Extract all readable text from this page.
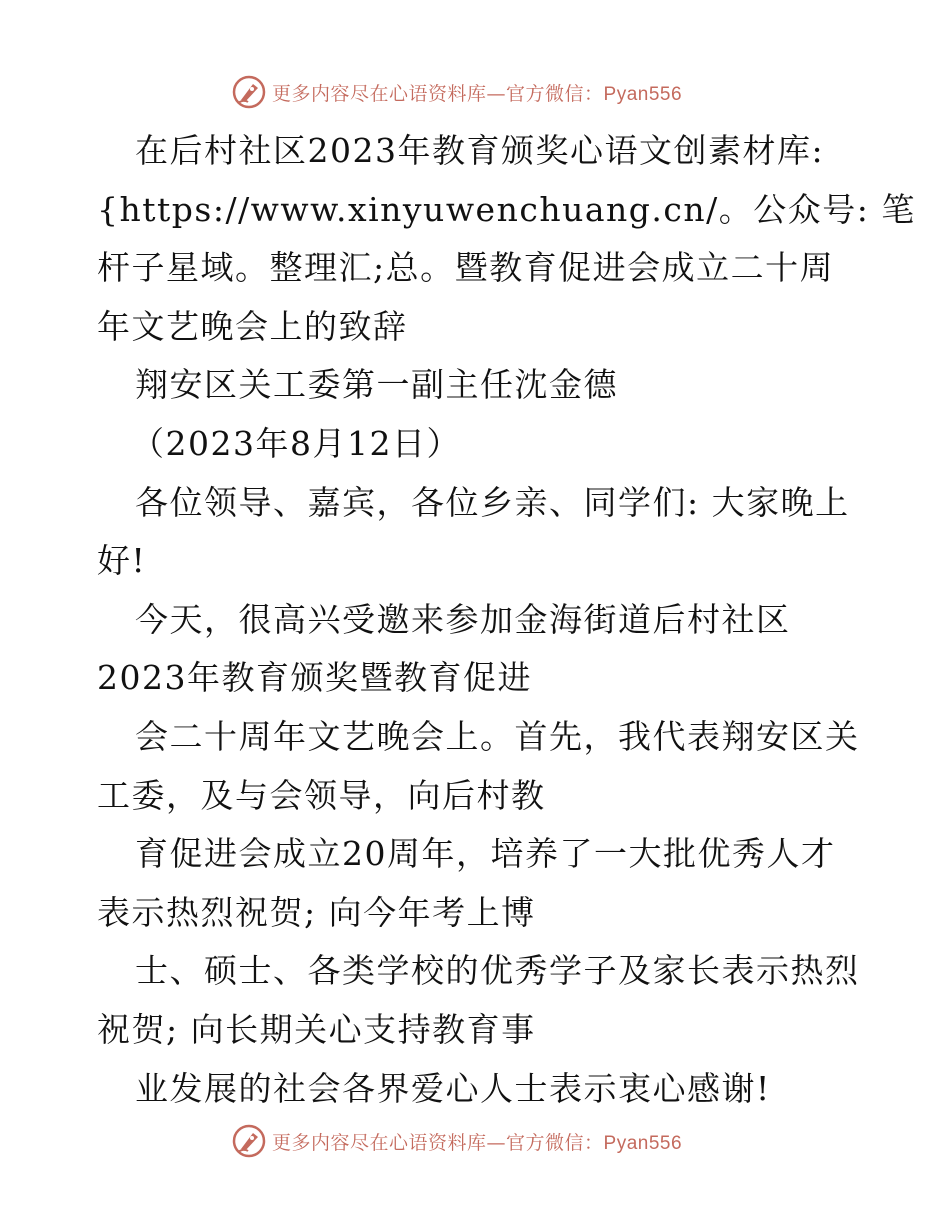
更多内容尽在心语资料库—官方微信：Pyan556
在后村社区2023年教育颁奖心语文创素材库:
{https://www.xinyuwenchuang.cn/。公众号: 笔
杆子星域。整理汇;总。暨教育促进会成立二十周
年文艺晚会上的致辞
翔安区关工委第一副主任沈金德
（2023年8月12日）
各位领导、嘉宾，各位乡亲、同学们: 大家晚上
好!
今天，很高兴受邀来参加金海街道后村社区
2023年教育颁奖暨教育促进
会二十周年文艺晚会上。首先，我代表翔安区关
工委，及与会领导，向后村教
育促进会成立20周年，培养了一大批优秀人才
表示热烈祝贺; 向今年考上博
士、硕士、各类学校的优秀学子及家长表示热烈
祝贺; 向长期关心支持教育事
业发展的社会各界爱心人士表示衷心感谢!
更多内容尽在心语资料库—官方微信：Pyan556
